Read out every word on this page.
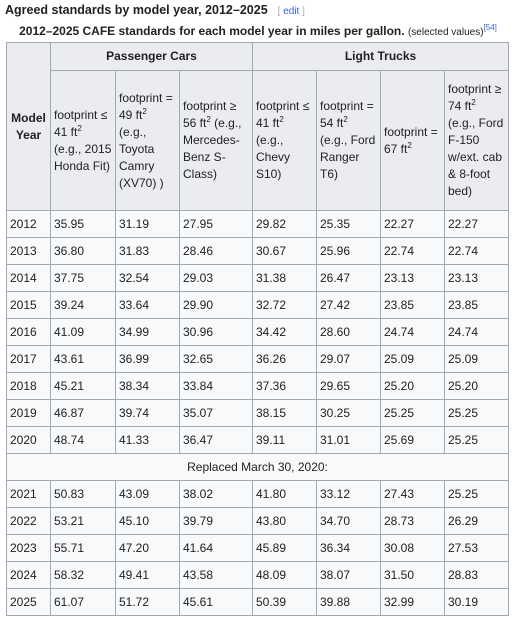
Agreed standards by model year, 2012–2025 [ edit ]
2012–2025 CAFE standards for each model year in miles per gallon. (selected values)[54]
Model Year	Passenger Cars			Light Trucks			
	footprint ≤ 41 $ft^2$ (e.g., 2015 Honda Fit)	footprint = 49 $ft^2$ (e.g., Toyota Camry (XV70) )	footprint ≥ 56 $ft^2$ (e.g., Mercedes-Benz S-Class)	footprint ≤ 41 $ft^2$ (e.g., Chevy S10)	footprint = 54 $ft^2$ (e.g., Ford Ranger T6)	footprint = 67 $ft^2$	footprint ≥ 74 $ft^2$ (e.g., Ford F-150 w/ext. cab & 8-foot bed)
2012	35.95	31.19	27.95	29.82	25.35	22.27	22.27
2013	36.80	31.83	28.46	30.67	25.96	22.74	22.74
2014	37.75	32.54	29.03	31.38	26.47	23.13	23.13
2015	39.24	33.64	29.90	32.72	27.42	23.85	23.85
2016	41.09	34.99	30.96	34.42	28.60	24.74	24.74
2017	43.61	36.99	32.65	36.26	29.07	25.09	25.09
2018	45.21	38.34	33.84	37.36	29.65	25.20	25.20
2019	46.87	39.74	35.07	38.15	30.25	25.25	25.25
2020	48.74	41.33	36.47	39.11	31.01	25.69	25.25
Replaced March 30, 2020:							
2021	50.83	43.09	38.02	41.80	33.12	27.43	25.25
2022	53.21	45.10	39.79	43.80	34.70	28.73	26.29
2023	55.71	47.20	41.64	45.89	36.34	30.08	27.53
2024	58.32	49.41	43.58	48.09	38.07	31.50	28.83
2025	61.07	51.72	45.61	50.39	39.88	32.99	30.19
